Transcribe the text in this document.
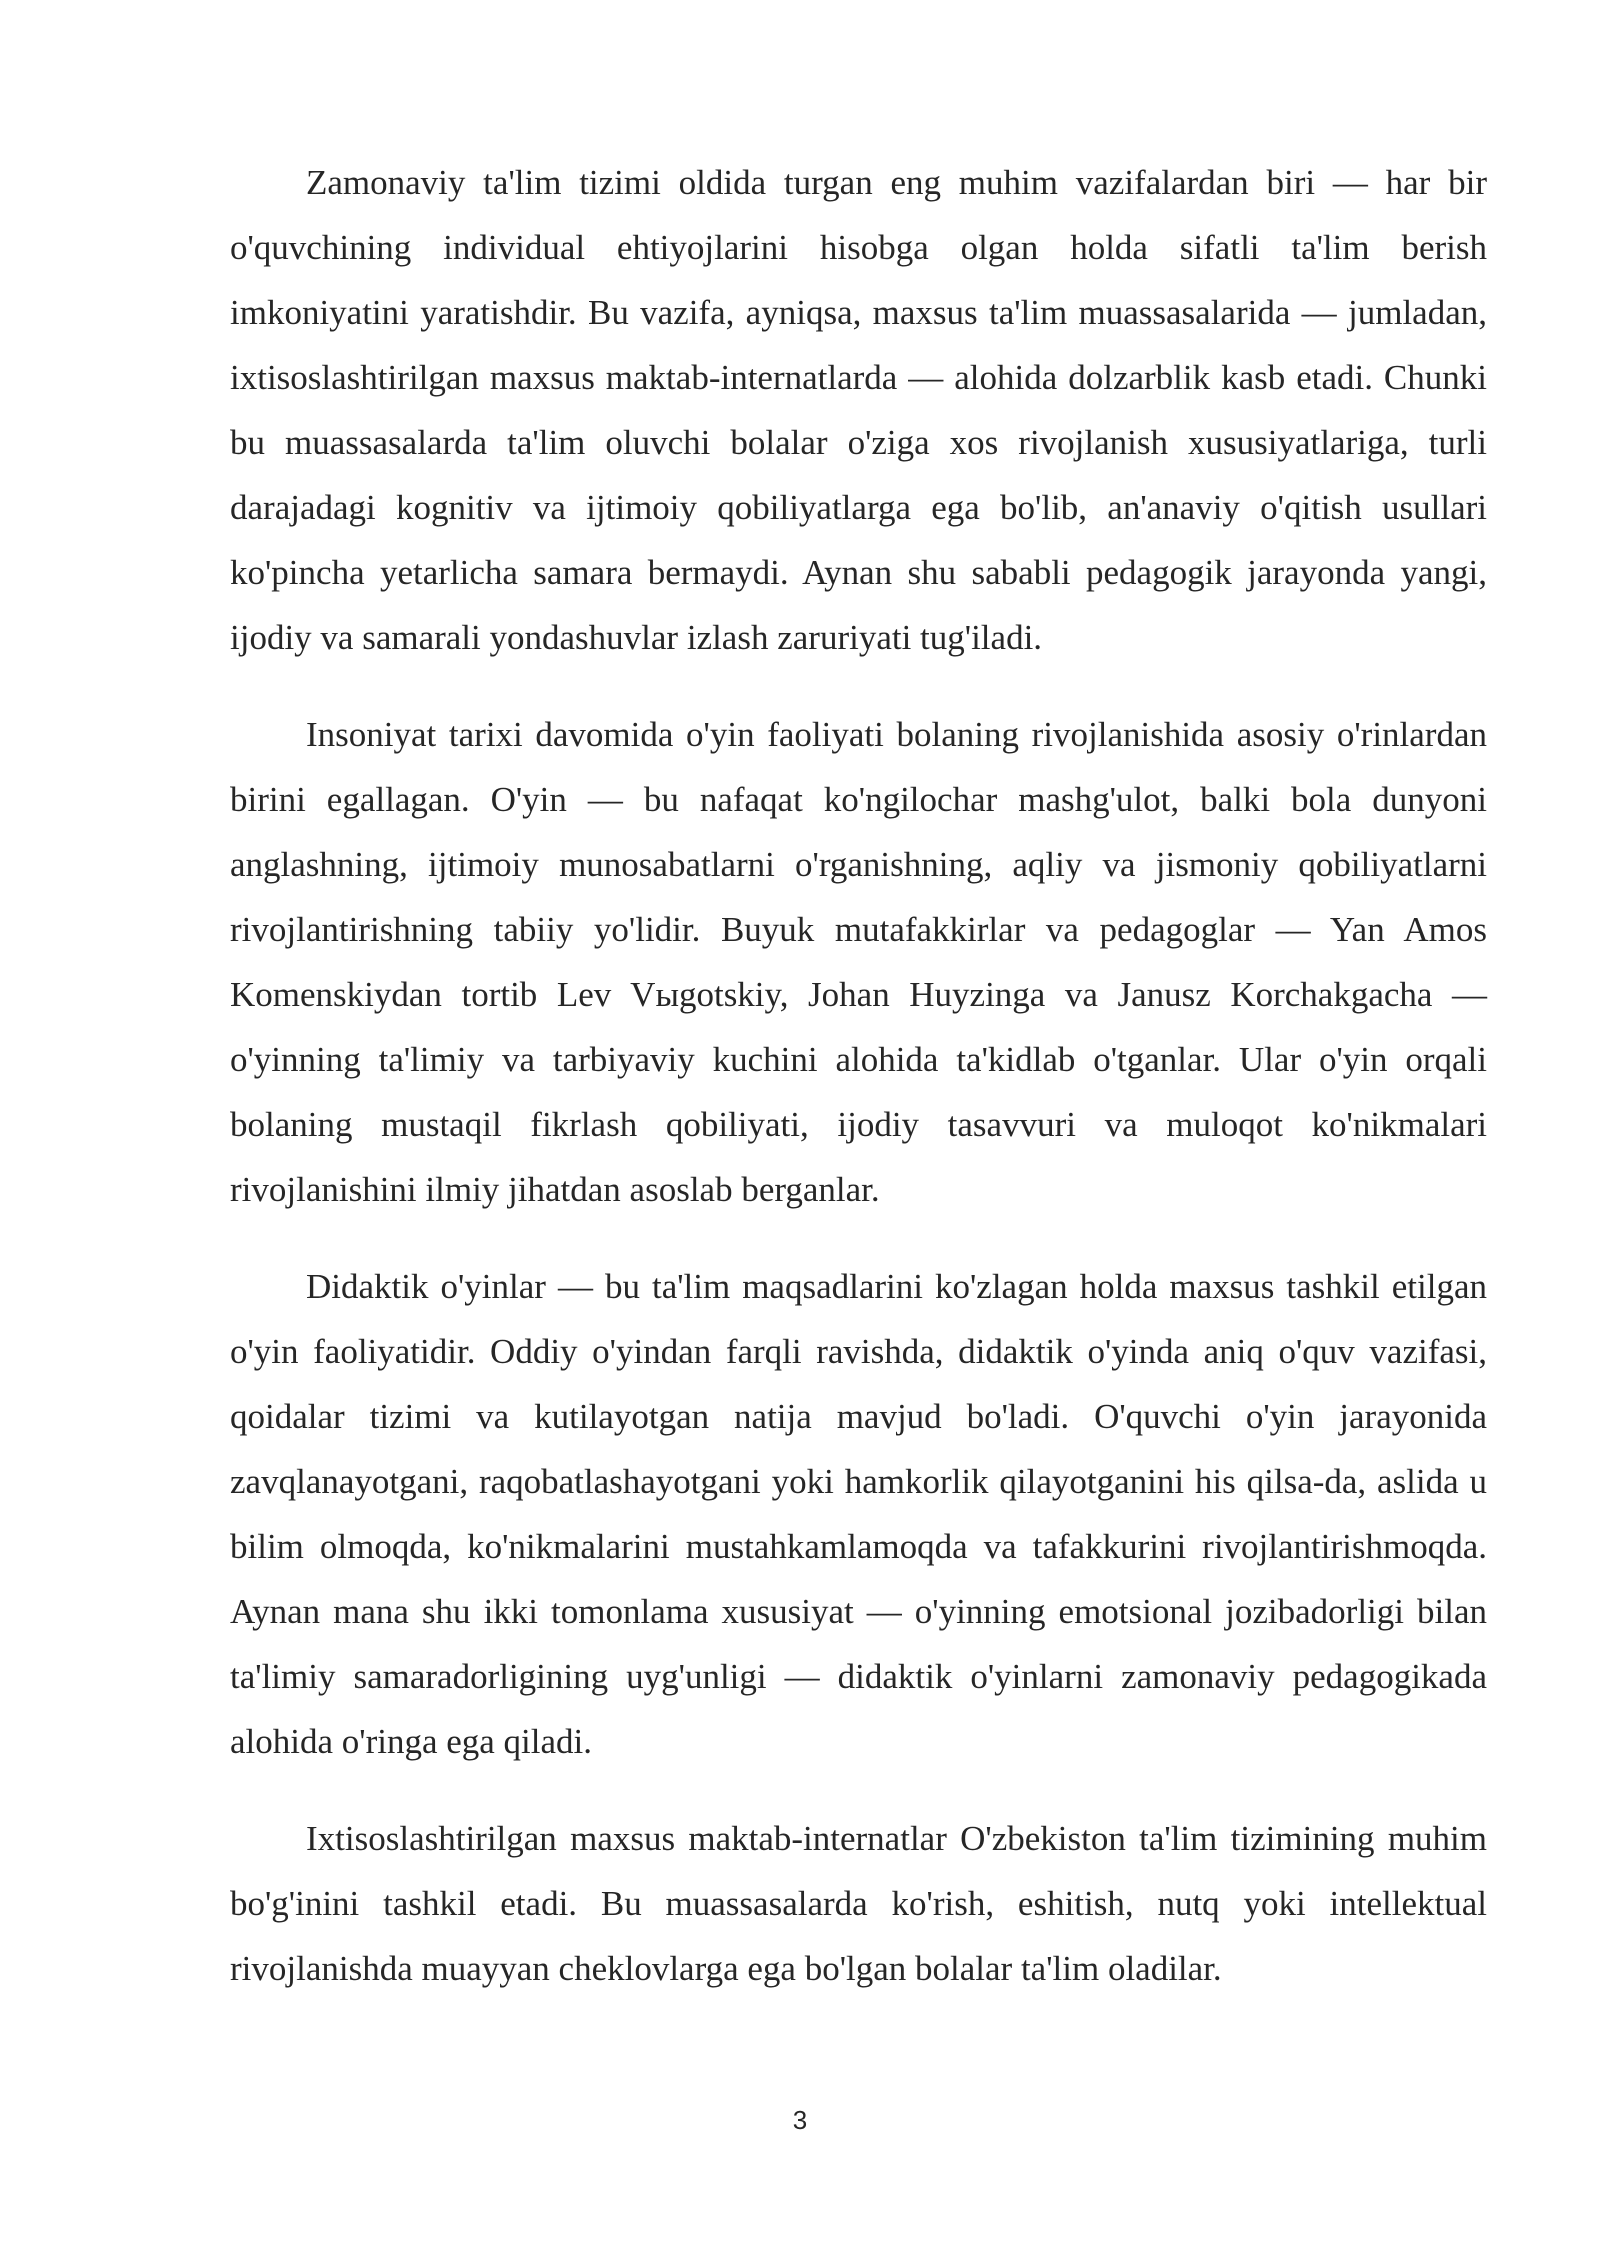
Zamonaviy ta'lim tizimi oldida turgan eng muhim vazifalardan biri — har bir o'quvchining individual ehtiyojlarini hisobga olgan holda sifatli ta'lim berish imkoniyatini yaratishdir. Bu vazifa, ayniqsa, maxsus ta'lim muassasalarida — jumladan, ixtisoslashtirilgan maxsus maktab-internatlarda — alohida dolzarblik kasb etadi. Chunki bu muassasalarda ta'lim oluvchi bolalar o'ziga xos rivojlanish xususiyatlariga, turli darajadagi kognitiv va ijtimoiy qobiliyatlarga ega bo'lib, an'anaviy o'qitish usullari ko'pincha yetarlicha samara bermaydi. Aynan shu sababli pedagogik jarayonda yangi, ijodiy va samarali yondashuvlar izlash zaruriyati tug'iladi.

Insoniyat tarixi davomida o'yin faoliyati bolaning rivojlanishida asosiy o'rinlardan birini egallagan. O'yin — bu nafaqat ko'ngilochar mashg'ulot, balki bola dunyoni anglashning, ijtimoiy munosabatlarni o'rganishning, aqliy va jismoniy qobiliyatlarni rivojlantirishning tabiiy yo'lidir. Buyuk mutafakkirlar va pedagoglar — Yan Amos Komenskiydan tortib Lev Vыgotskiy, Johan Huyzinga va Janusz Korchakgacha — o'yinning ta'limiy va tarbiyaviy kuchini alohida ta'kidlab o'tganlar. Ular o'yin orqali bolaning mustaqil fikrlash qobiliyati, ijodiy tasavvuri va muloqot ko'nikmalari rivojlanishini ilmiy jihatdan asoslab berganlar.

Didaktik o'yinlar — bu ta'lim maqsadlarini ko'zlagan holda maxsus tashkil etilgan o'yin faoliyatidir. Oddiy o'yindan farqli ravishda, didaktik o'yinda aniq o'quv vazifasi, qoidalar tizimi va kutilayotgan natija mavjud bo'ladi. O'quvchi o'yin jarayonida zavqlanayotgani, raqobatlashayotgani yoki hamkorlik qilayotganini his qilsa-da, aslida u bilim olmoqda, ko'nikmalarini mustahkamlamoqda va tafakkurini rivojlantirishmoqda. Aynan mana shu ikki tomonlama xususiyat — o'yinning emotsional jozibadorligi bilan ta'limiy samaradorligining uyg'unligi — didaktik o'yinlarni zamonaviy pedagogikada alohida o'ringa ega qiladi.

Ixtisoslashtirilgan maxsus maktab-internatlar O'zbekiston ta'lim tizimining muhim bo'g'inini tashkil etadi. Bu muassasalarda ko'rish, eshitish, nutq yoki intellektual rivojlanishda muayyan cheklovlarga ega bo'lgan bolalar ta'lim oladilar.

3
